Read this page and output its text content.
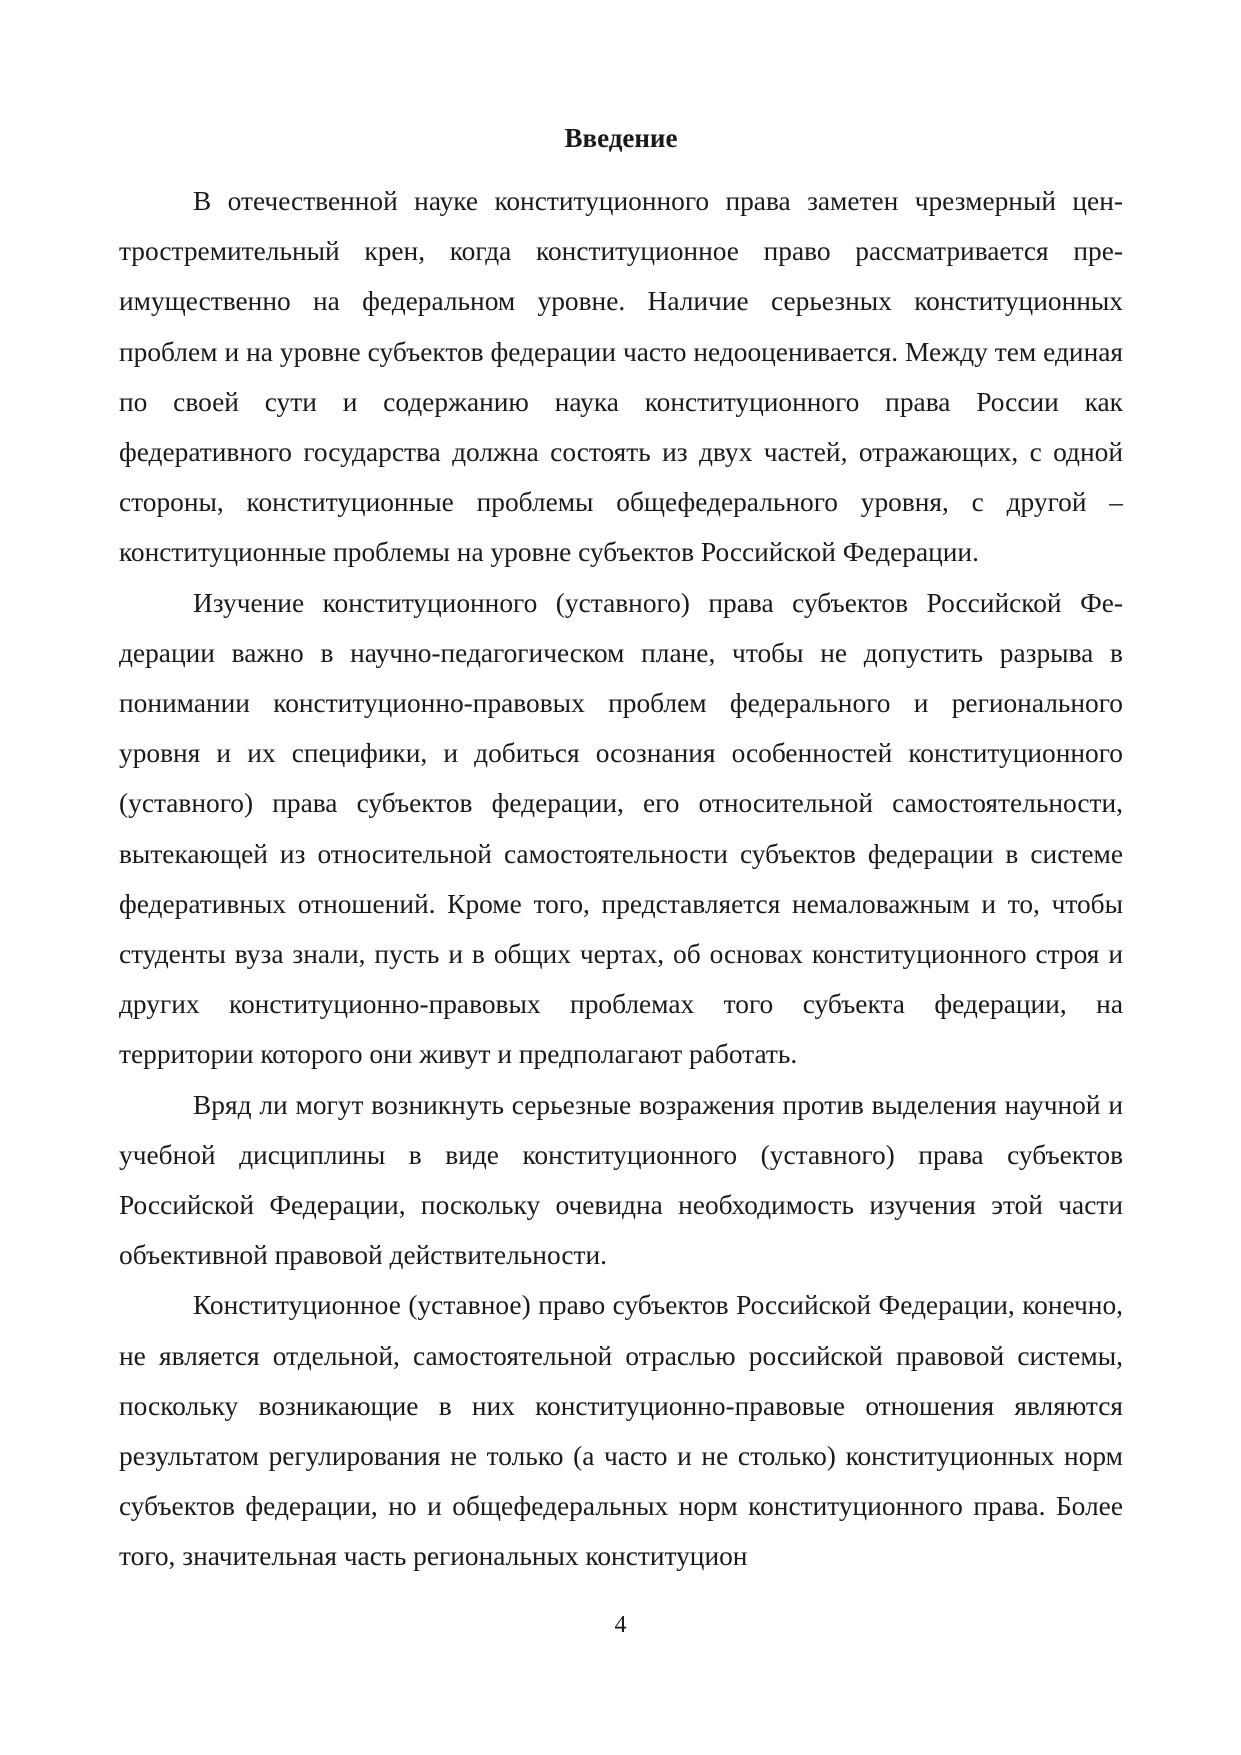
Введение

В отечественной науке конституционного права заметен чрезмерный центростремительный крен, когда конституционное право рассматривается преимущественно на федеральном уровне. Наличие серьезных конституционных проблем и на уровне субъектов федерации часто недооценивается. Между тем единая по своей сути и содержанию наука конституционного права России как федеративного государства должна состоять из двух частей, отражающих, с одной стороны, конституционные проблемы общефедерального уровня, с другой – конституционные проблемы на уровне субъектов Российской Федерации.

Изучение конституционного (уставного) права субъектов Российской Федерации важно в научно-педагогическом плане, чтобы не допустить разрыва в понимании конституционно-правовых проблем федерального и регионального уровня и их специфики, и добиться осознания особенностей конституционного (уставного) права субъектов федерации, его относительной самостоятельности, вытекающей из относительной самостоятельности субъектов федерации в системе федеративных отношений. Кроме того, представляется немаловажным и то, чтобы студенты вуза знали, пусть и в общих чертах, об основах конституционного строя и других конституционно-правовых проблемах того субъекта федерации, на территории которого они живут и предполагают работать.

Вряд ли могут возникнуть серьезные возражения против выделения научной и учебной дисциплины в виде конституционного (уставного) права субъектов Российской Федерации, поскольку очевидна необходимость изучения этой части объективной правовой действительности.

Конституционное (уставное) право субъектов Российской Федерации, конечно, не является отдельной, самостоятельной отраслью российской правовой системы, поскольку возникающие в них конституционно-правовые отношения являются результатом регулирования не только (а часто и не столько) конституционных норм субъектов федерации, но и общефедеральных норм конституционного права. Более того, значительная часть региональных конституцион

4
